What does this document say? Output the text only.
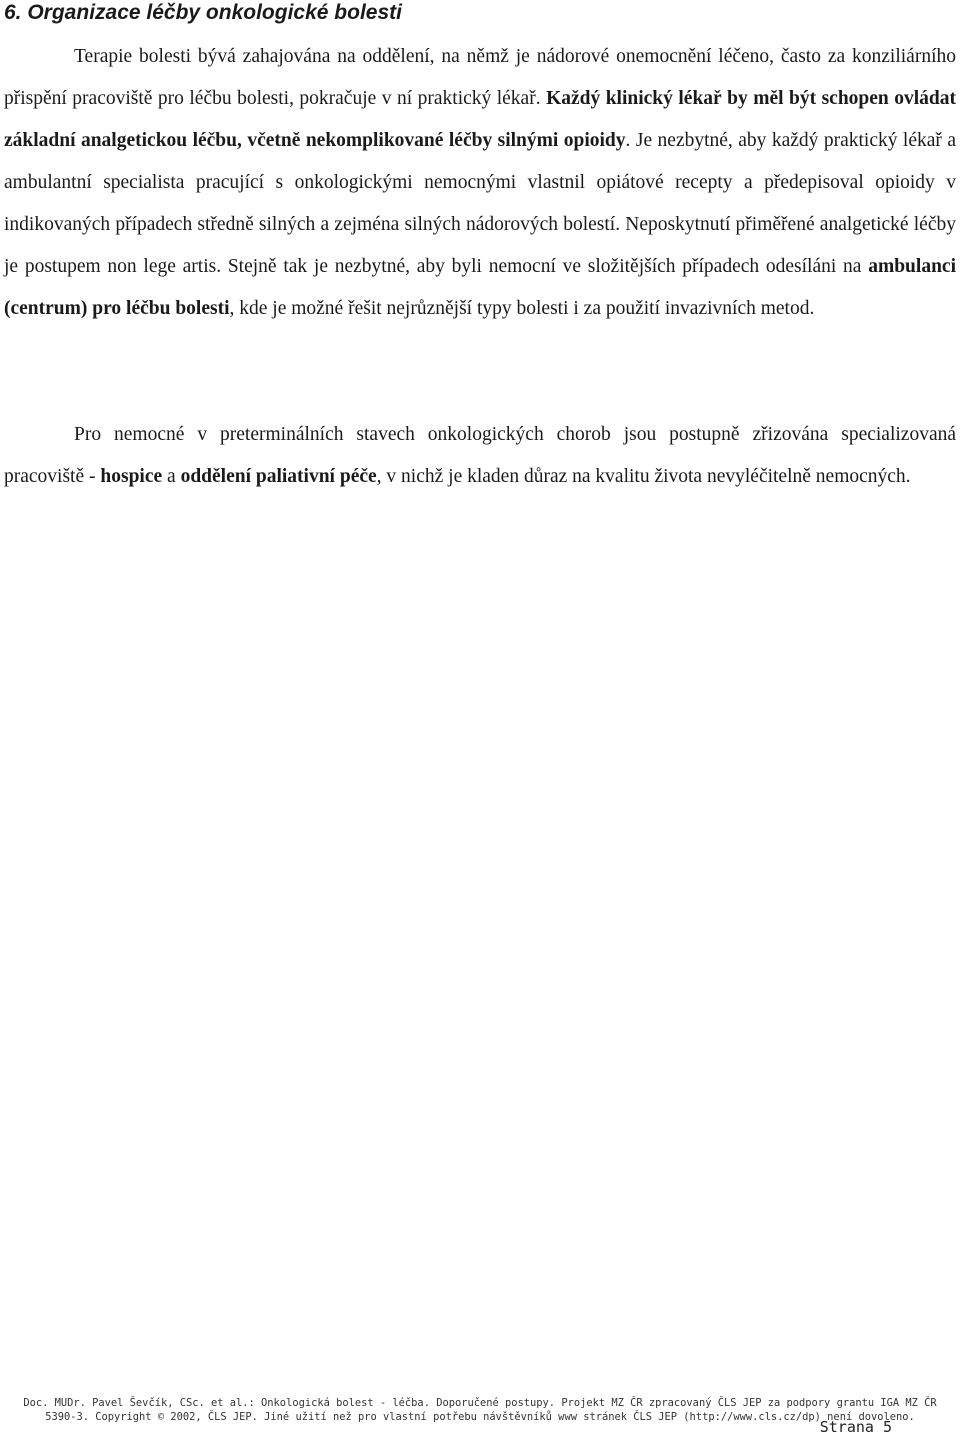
6. Organizace léčby onkologické bolesti

Terapie bolesti bývá zahajována na oddělení, na němž je nádorové onemocnění léčeno, často za konziliárního přispění pracoviště pro léčbu bolesti, pokračuje v ní praktický lékař. Každý klinický lékař by měl být schopen ovládat základní analgetickou léčbu, včetně nekomplikované léčby silnými opioidy. Je nezbytné, aby každý praktický lékař a ambulantní specialista pracující s onkologickými nemocnými vlastnil opiátové recepty a předepisoval opioidy v indikovaných případech středně silných a zejména silných nádorových bolestí. Neposkytnutí přiměřené analgetické léčby je postupem non lege artis. Stejně tak je nezbytné, aby byli nemocní ve složitějších případech odesíláni na ambulanci (centrum) pro léčbu bolesti, kde je možné řešit nejrůznější typy bolesti i za použití invazivních metod.

Pro nemocné v preterminálních stavech onkologických chorob jsou postupně zřizována specializovaná pracoviště - hospice a oddělení paliativní péče, v nichž je kladen důraz na kvalitu života nevyléčitelně nemocných.

Doc. MUDr. Pavel Ševčík, CSc. et al.: Onkologická bolest - léčba. Doporučené postupy. Projekt MZ ČR zpracovaný ČLS JEP za podpory grantu IGA MZ ČR
5390-3. Copyright © 2002, ČLS JEP. Jiné užití než pro vlastní potřebu návštěvníků www stránek ČLS JEP (http://www.cls.cz/dp) není dovoleno.
Strana 5
